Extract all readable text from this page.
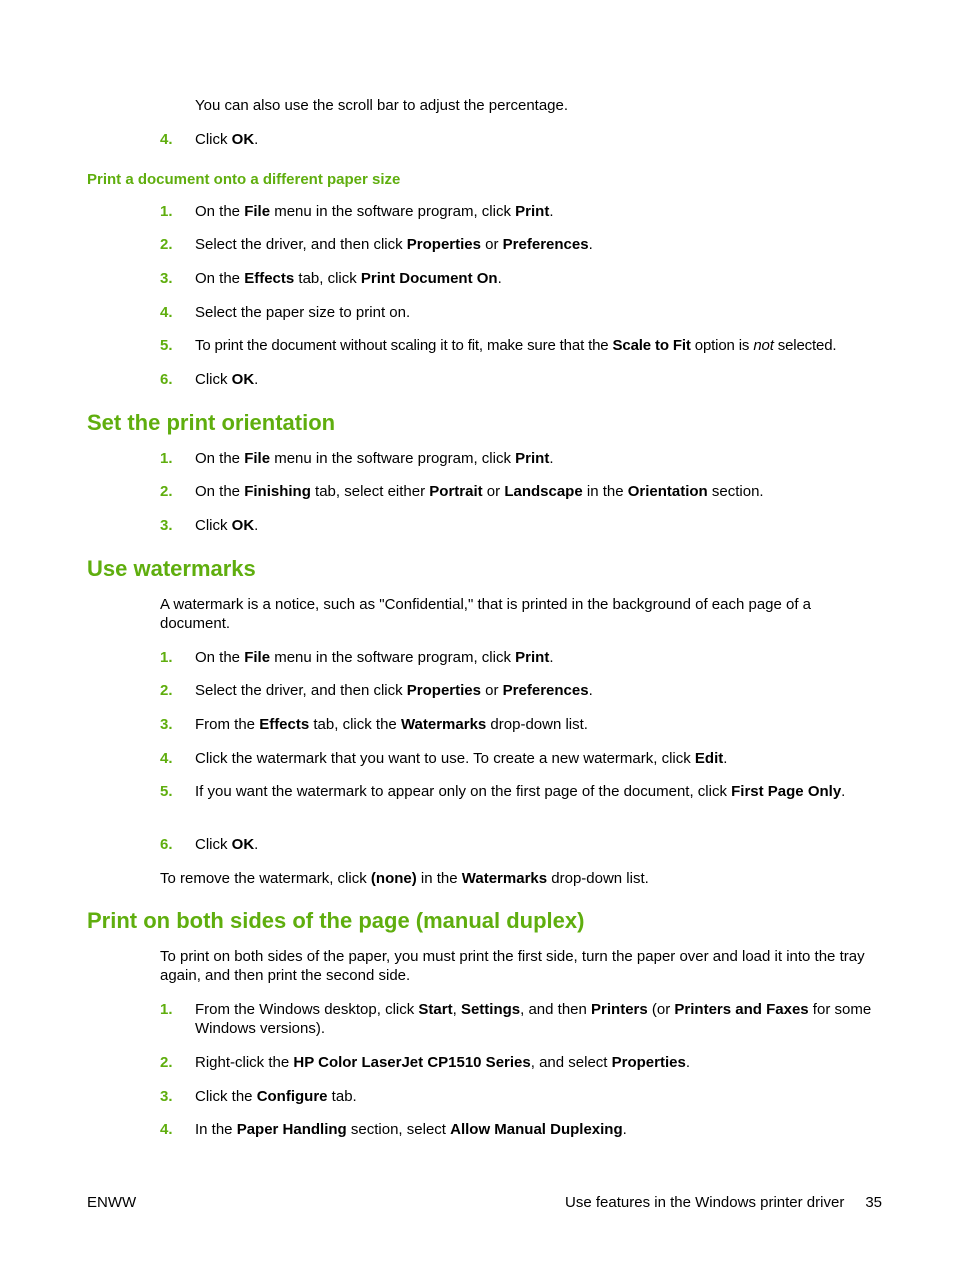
You can also use the scroll bar to adjust the percentage.
4. Click OK.
Print a document onto a different paper size
1. On the File menu in the software program, click Print.
2. Select the driver, and then click Properties or Preferences.
3. On the Effects tab, click Print Document On.
4. Select the paper size to print on.
5. To print the document without scaling it to fit, make sure that the Scale to Fit option is not selected.
6. Click OK.
Set the print orientation
1. On the File menu in the software program, click Print.
2. On the Finishing tab, select either Portrait or Landscape in the Orientation section.
3. Click OK.
Use watermarks
A watermark is a notice, such as "Confidential," that is printed in the background of each page of a document.
1. On the File menu in the software program, click Print.
2. Select the driver, and then click Properties or Preferences.
3. From the Effects tab, click the Watermarks drop-down list.
4. Click the watermark that you want to use. To create a new watermark, click Edit.
5. If you want the watermark to appear only on the first page of the document, click First Page Only.
6. Click OK.
To remove the watermark, click (none) in the Watermarks drop-down list.
Print on both sides of the page (manual duplex)
To print on both sides of the paper, you must print the first side, turn the paper over and load it into the tray again, and then print the second side.
1. From the Windows desktop, click Start, Settings, and then Printers (or Printers and Faxes for some Windows versions).
2. Right-click the HP Color LaserJet CP1510 Series, and select Properties.
3. Click the Configure tab.
4. In the Paper Handling section, select Allow Manual Duplexing.
ENWW	Use features in the Windows printer driver 35
